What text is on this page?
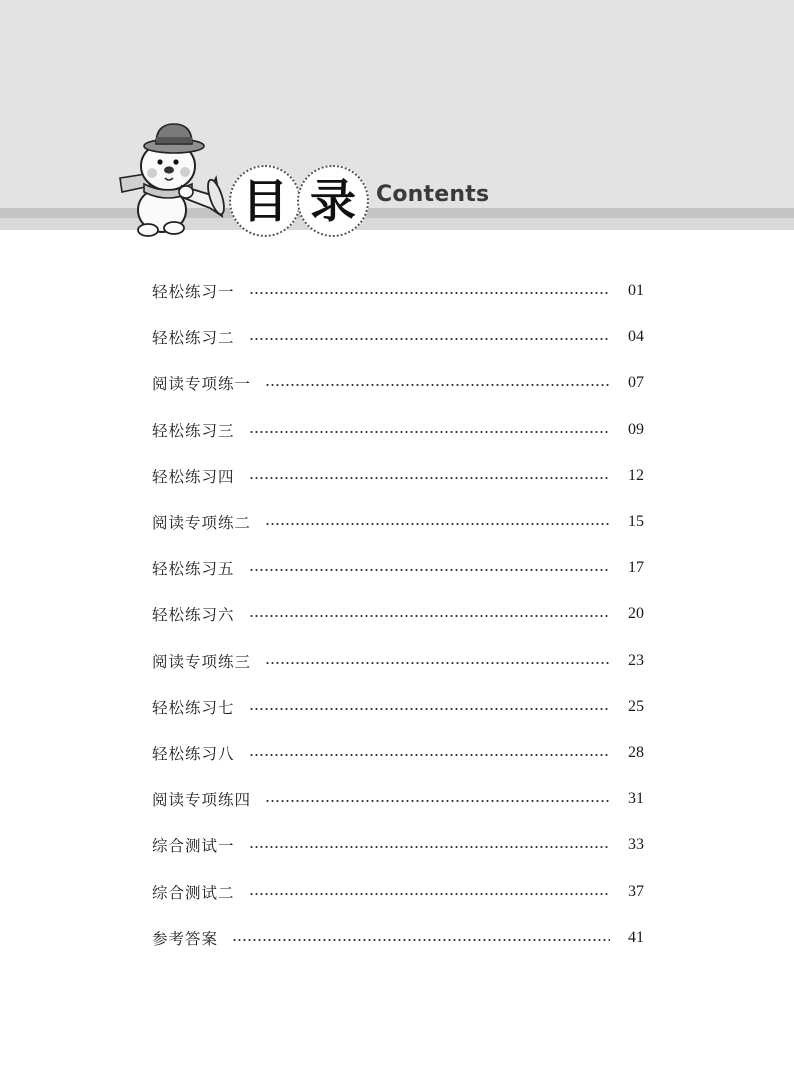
目 录 Contents
轻松练习一	01
轻松练习二	04
阅读专项练一	07
轻松练习三	09
轻松练习四	12
阅读专项练二	15
轻松练习五	17
轻松练习六	20
阅读专项练三	23
轻松练习七	25
轻松练习八	28
阅读专项练四	31
综合测试一	33
综合测试二	37
参考答案	41
